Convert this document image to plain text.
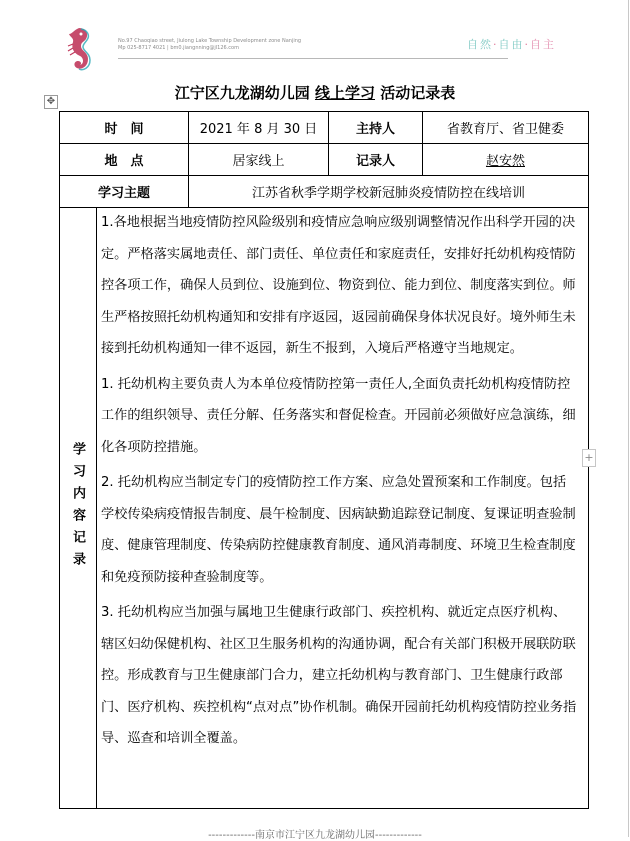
No.97 Chaoqiao street, Jiulong Lake Township Development zone Nanjing
Mp 025-8717 4021 | bm0.jiangnning@jl126.com	自然·自由·自主
江宁区九龙湖幼儿园 线上学习 活动记录表
✥
时　间	2021 年 8 月 30 日	主持人	省教育厅、省卫健委
地　点	居家线上	记录人	赵安然
学习主题	江苏省秋季学期学校新冠肺炎疫情防控在线培训
学习内容记录

1.各地根据当地疫情防控风险级别和疫情应急响应级别调整情况作出科学开园的决定。严格落实属地责任、部门责任、单位责任和家庭责任，安排好托幼机构疫情防控各项工作，确保人员到位、设施到位、物资到位、能力到位、制度落实到位。师生严格按照托幼机构通知和安排有序返园，返园前确保身体状况良好。境外师生未接到托幼机构通知一律不返园，新生不报到，入境后严格遵守当地规定。

1. 托幼机构主要负责人为本单位疫情防控第一责任人,全面负责托幼机构疫情防控工作的组织领导、责任分解、任务落实和督促检查。开园前必须做好应急演练，细化各项防控措施。

2. 托幼机构应当制定专门的疫情防控工作方案、应急处置预案和工作制度。包括学校传染病疫情报告制度、晨午检制度、因病缺勤追踪登记制度、复课证明查验制度、健康管理制度、传染病防控健康教育制度、通风消毒制度、环境卫生检查制度和免疫预防接种查验制度等。

3. 托幼机构应当加强与属地卫生健康行政部门、疾控机构、就近定点医疗机构、辖区妇幼保健机构、社区卫生服务机构的沟通协调，配合有关部门积极开展联防联控。形成教育与卫生健康部门合力，建立托幼机构与教育部门、卫生健康行政部门、医疗机构、疾控机构“点对点”协作机制。确保开园前托幼机构疫情防控业务指导、巡查和培训全覆盖。

+
-------------南京市江宁区九龙湖幼儿园-------------
